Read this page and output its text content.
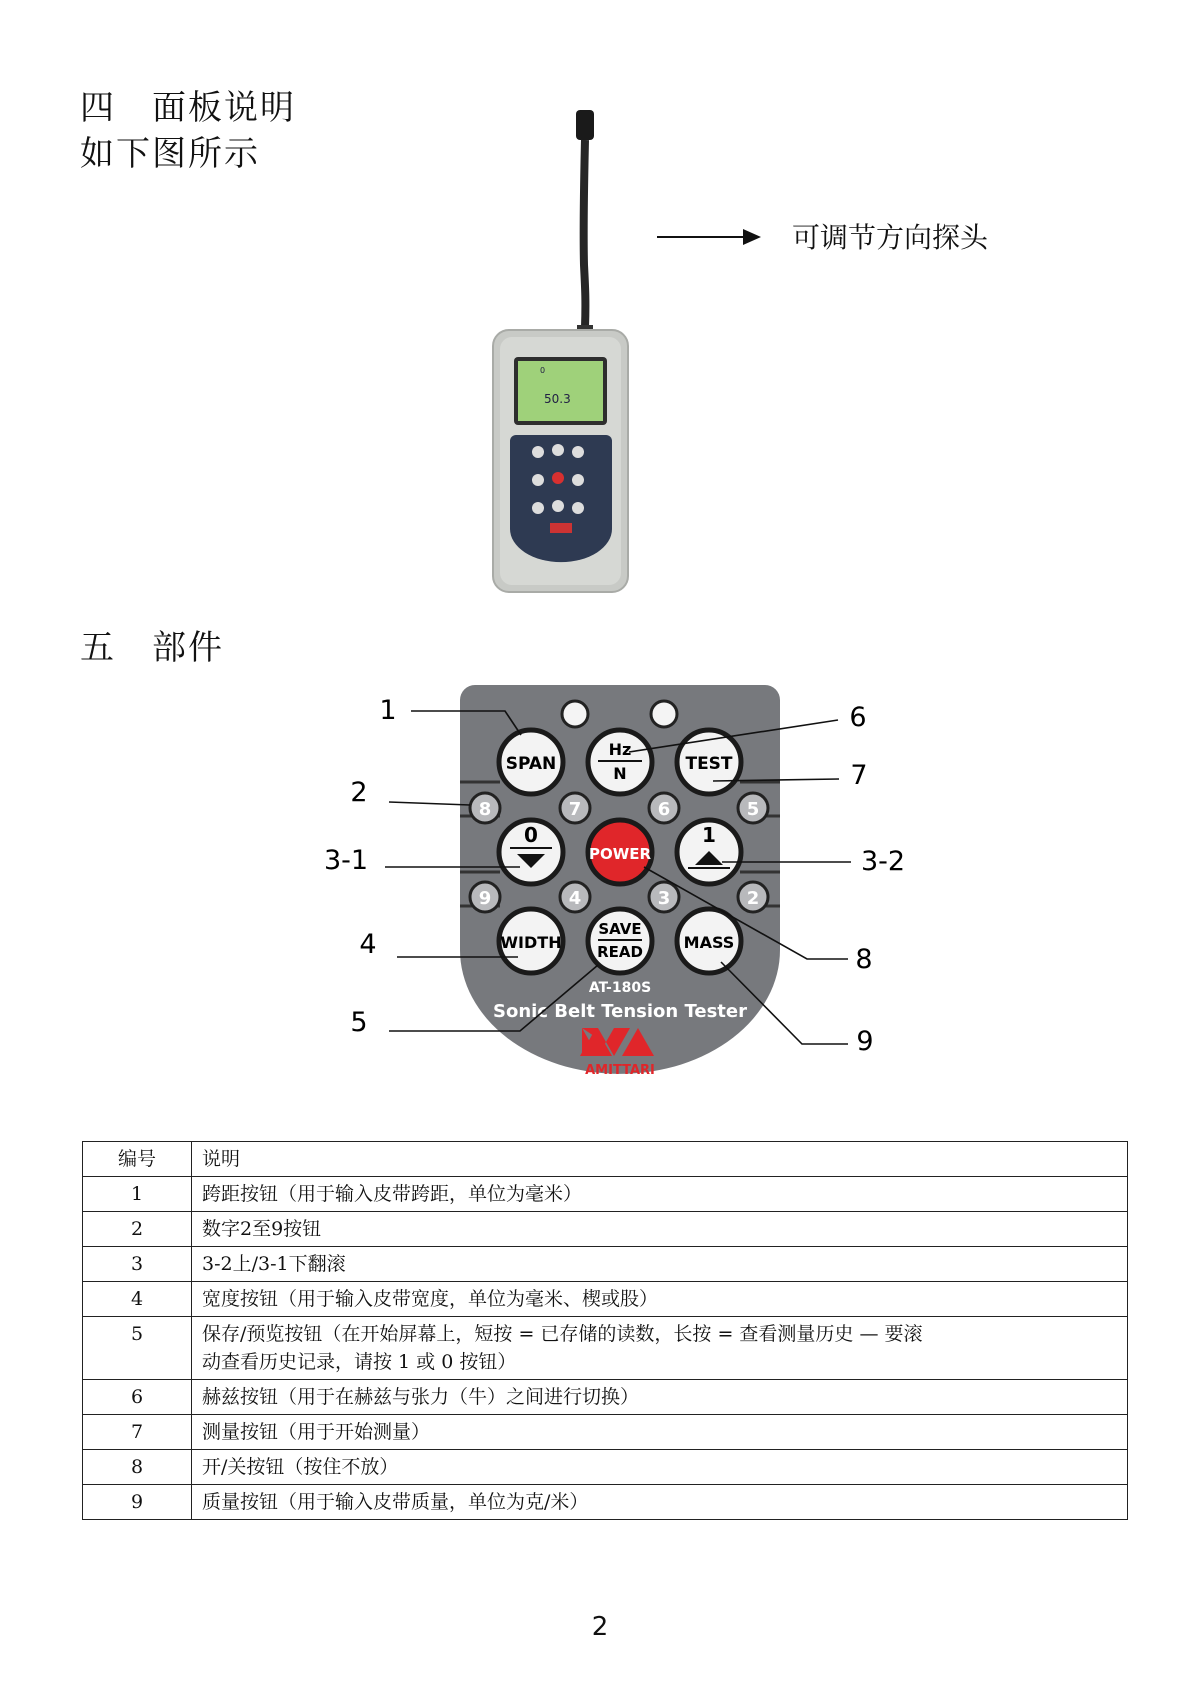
四　面板说明
如下图所示
可调节方向探头
0
50.3
五　部件
SPAN
Hz
N	TEST
8	7	6	5
0
POWER
1
9	4	3	2
WIDTH
SAVE
READ	MASS
AT-180S
Sonic Belt Tension Tester
AMITTARI
1
2
3-1
4
5
6
7
3-2
8
9
编号	说明
1	跨距按钮（用于输入皮带跨距，单位为毫米）
2	数字2至9按钮
3	3-2上/3-1下翻滚
4	宽度按钮（用于输入皮带宽度，单位为毫米、楔或股）
5	保存/预览按钮（在开始屏幕上，短按 = 已存储的读数，长按 = 查看测量历史 — 要滚动查看历史记录，请按 1 或 0 按钮）
6	赫兹按钮（用于在赫兹与张力（牛）之间进行切换）
7	测量按钮（用于开始测量）
8	开/关按钮（按住不放）
9	质量按钮（用于输入皮带质量，单位为克/米）
2
